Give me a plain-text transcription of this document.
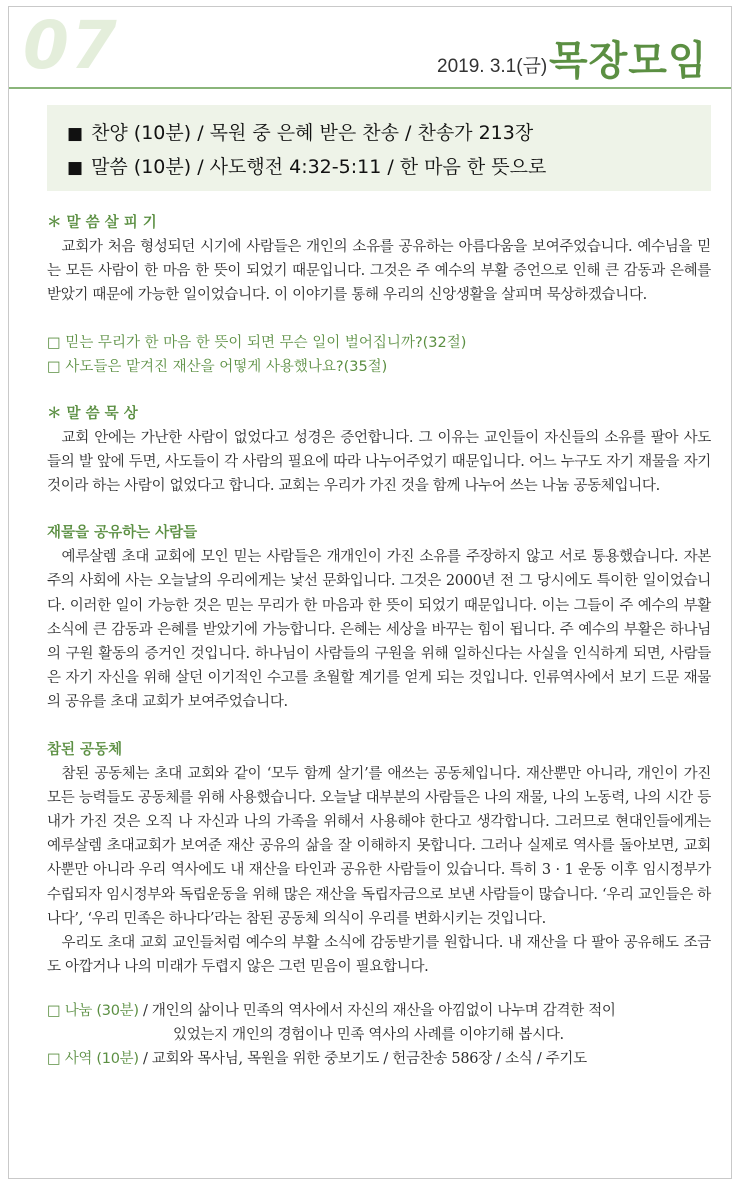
07	2019. 3.1(금) 목장모임
■ 찬양 (10분) / 목원 중 은혜 받은 찬송 / 찬송가 213장
■ 말씀 (10분) / 사도행전 4:32-5:11 / 한 마음 한 뜻으로

＊ 말 씀 살 피 기

교회가 처음 형성되던 시기에 사람들은 개인의 소유를 공유하는 아름다움을 보여주었습니다. 예수님을 믿는 모든 사람이 한 마음 한 뜻이 되었기 때문입니다. 그것은 주 예수의 부활 증언으로 인해 큰 감동과 은혜를 받았기 때문에 가능한 일이었습니다. 이 이야기를 통해 우리의 신앙생활을 살피며 묵상하겠습니다.

□ 믿는 무리가 한 마음 한 뜻이 되면 무슨 일이 벌어집니까?(32절)
□ 사도들은 맡겨진 재산을 어떻게 사용했나요?(35절)

＊ 말 씀 묵 상

교회 안에는 가난한 사람이 없었다고 성경은 증언합니다. 그 이유는 교인들이 자신들의 소유를 팔아 사도들의 발 앞에 두면, 사도들이 각 사람의 필요에 따라 나누어주었기 때문입니다. 어느 누구도 자기 재물을 자기 것이라 하는 사람이 없었다고 합니다. 교회는 우리가 가진 것을 함께 나누어 쓰는 나눔 공동체입니다.

재물을 공유하는 사람들

예루살렘 초대 교회에 모인 믿는 사람들은 개개인이 가진 소유를 주장하지 않고 서로 통용했습니다. 자본주의 사회에 사는 오늘날의 우리에게는 낯선 문화입니다. 그것은 2000년 전 그 당시에도 특이한 일이었습니다. 이러한 일이 가능한 것은 믿는 무리가 한 마음과 한 뜻이 되었기 때문입니다. 이는 그들이 주 예수의 부활 소식에 큰 감동과 은혜를 받았기에 가능합니다. 은혜는 세상을 바꾸는 힘이 됩니다. 주 예수의 부활은 하나님의 구원 활동의 증거인 것입니다. 하나님이 사람들의 구원을 위해 일하신다는 사실을 인식하게 되면, 사람들은 자기 자신을 위해 살던 이기적인 수고를 초월할 계기를 얻게 되는 것입니다. 인류역사에서 보기 드문 재물의 공유를 초대 교회가 보여주었습니다.

참된 공동체

참된 공동체는 초대 교회와 같이 ‘모두 함께 살기’를 애쓰는 공동체입니다. 재산뿐만 아니라, 개인이 가진 모든 능력들도 공동체를 위해 사용했습니다. 오늘날 대부분의 사람들은 나의 재물, 나의 노동력, 나의 시간 등 내가 가진 것은 오직 나 자신과 나의 가족을 위해서 사용해야 한다고 생각합니다. 그러므로 현대인들에게는 예루살렘 초대교회가 보여준 재산 공유의 삶을 잘 이해하지 못합니다. 그러나 실제로 역사를 돌아보면, 교회사뿐만 아니라 우리 역사에도 내 재산을 타인과 공유한 사람들이 있습니다. 특히 3 · 1 운동 이후 임시정부가 수립되자 임시정부와 독립운동을 위해 많은 재산을 독립자금으로 보낸 사람들이 많습니다. ‘우리 교인들은 하나다’, ‘우리 민족은 하나다’라는 참된 공동체 의식이 우리를 변화시키는 것입니다.

우리도 초대 교회 교인들처럼 예수의 부활 소식에 감동받기를 원합니다. 내 재산을 다 팔아 공유해도 조금도 아깝거나 나의 미래가 두렵지 않은 그런 믿음이 필요합니다.

□ 나눔 (30분) / 개인의 삶이나 민족의 역사에서 자신의 재산을 아낌없이 나누며 감격한 적이
있었는지 개인의 경험이나 민족 역사의 사례를 이야기해 봅시다.
□ 사역 (10분) / 교회와 목사님, 목원을 위한 중보기도 / 헌금찬송 586장 / 소식 / 주기도
